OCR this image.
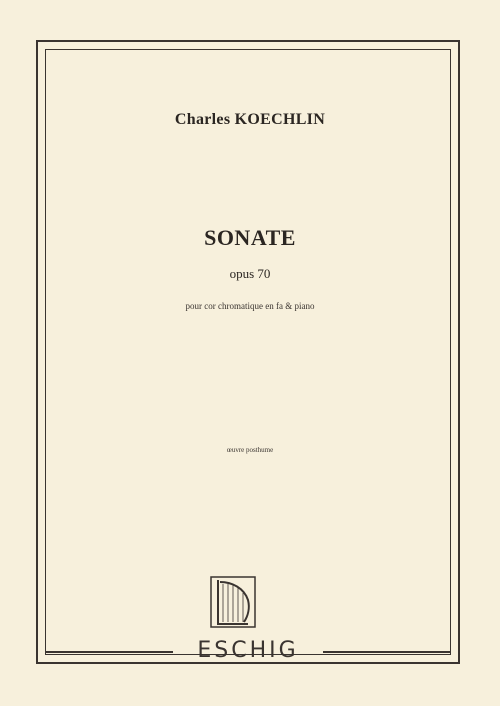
Charles KOECHLIN
SONATE
opus 70
pour cor chromatique en fa & piano
œuvre posthume
ESCHIG
